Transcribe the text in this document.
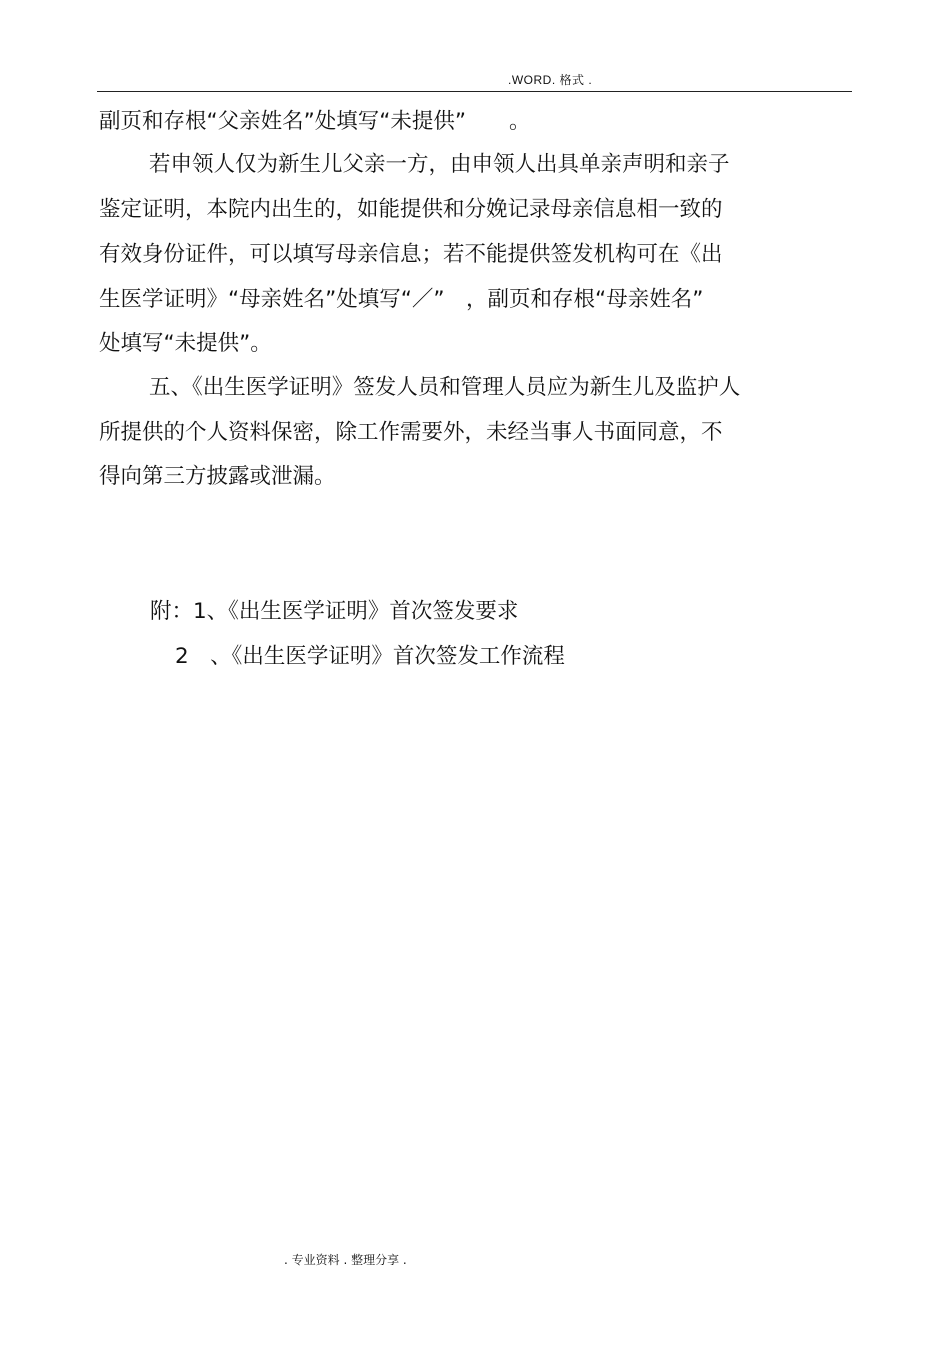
.WORD. 格式 .
副页和存根“父亲姓名”处填写“未提供”　　。
若申领人仅为新生儿父亲一方，由申领人出具单亲声明和亲子
鉴定证明，本院内出生的，如能提供和分娩记录母亲信息相一致的
有效身份证件，可以填写母亲信息；若不能提供签发机构可在《出
生医学证明》“母亲姓名”处填写“／”　，副页和存根“母亲姓名”
处填写“未提供”。
五、《出生医学证明》签发人员和管理人员应为新生儿及监护人
所提供的个人资料保密，除工作需要外，未经当事人书面同意，不
得向第三方披露或泄漏。
附：1、《出生医学证明》首次签发要求
2　、《出生医学证明》首次签发工作流程
. 专业资料 . 整理分享 .
